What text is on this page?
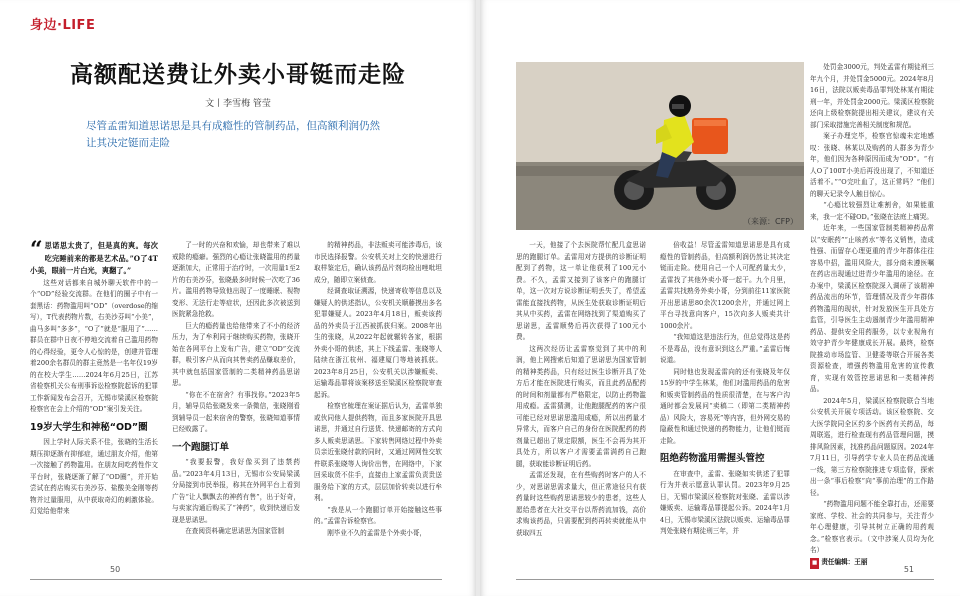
身边·LIFE
高额配送费让外卖小哥铤而走险
文丨李雪梅 管莹
尽管孟雷知道思诺思是具有成瘾性的管制药品，但高额利润仍然让其决定铤而走险

“ 思诺思太贵了，但是真的爽。每次吃完睡前来的都是艺术品。”O了4T小美，眼前一片白光，爽翻了。”

这些对话都来自城外聊天软件中的一个“OD”经验交流群。在他们的圈子中有一套黑话：药物滥用叫“OD”（overdose的缩写），T代表药物片数，右美沙芬叫“小美”，曲马多叫“多多”，“O了”就是“服用了”……群员在群中日夜不停地交流着自己滥用药物的心得经验，更令人心惊的是，创建并管理着200余名群员的群主竟然是一名年仅19岁的在校大学生……2024年6月25日，江苏省检察机关公布刑事诉讼检察院起诉的犯罪工作新闻发布会召开，无锡市梁溪区检察院检察官在会上介绍的“OD”案引发关注。

19岁大学生和神秘“OD”圈

因上学时人际关系不佳，张晓的生活长期压抑逐渐有抑郁症，通过朋友介绍，他第一次接触了药物滥用。在朋友间吃药性作文平台时，张晓逐渐了解了“OD圈”，并开始尝试在药店购买右美沙芬、盐酸美金刚等药物并过量服用，从中获取奇幻的刺激体验。幻觉给他带来

了一时的兴奋和欢愉，却也带来了难以戒除的瘾癖。强烈的心瘾让张晓滥用的药量逐渐加大，正常用于治疗时，一次用量1至2片的右美沙芬，张晓最多时时候一次吃了36片。滥用药物导致他出现了一度睡眠、视物变形、无法行走等症状，还因此多次被送到医院紧急抢救。

巨大的瘾药量也给他带来了不小的经济压力，为了牟利同于继续购买药物，张晓开始在各网平台上发布广告，建立“OD”交流群，吸引客户从而向其售卖药品赚取差价，其中就包括国家管制的二类精神药品思诺思。

“你在不在宿舍？有事找你。”2023年5月，辅导员给张晓发来一条微信，张晓刚看到辅导员一起来宿舍的警察，张晓知道事情已经败露了。

一个跑腿订单

“我要报警，我好像买到了违禁药品。”2023年4月13日，无锡市公安局梁溪分局接到市民举报，称其在外网平台上看到广告“让人飘飘去的神药有售”，出于好奇，与卖家沟通后购买了“神药”，收到快递后发现是思诺思。

在查阅资料确定思诺思为国家管制

的精神药品，非法贩卖可能涉毒后，该市民选择报警。公安机关对上交的快递进行取样鉴定后，确认该药品片剂均检出唑吡坦成分，随即立案侦查。

经调查取证溯源，快递寄收等信息以及嫌疑人的供述指认，公安机关顺藤摸出多名犯罪嫌疑人。2023年4月18日，贩卖该药品的外卖员于江西被抓获归案。2008年出生的张晓，从2022年起就辗转各家，根据外卖小哥的供述，其上下线孟雷、张晓等人陆续在浙江杭州、福建厦门等地被抓获。2023年8月25日，公安机关以涉嫌贩卖、运输毒品罪将该案移送至梁溪区检察院审查起诉。

检察官梳理在案证据后认为，孟雷单独或伙同他人提供药物，而且多家医院开具思诺思，并通过自行送货、快递邮寄的方式向多人贩卖思诺思。下家转售网络过程中外卖员亲近张晓付款的同时，又通过网网性交软件联系张晓等人询价出售，在网络中，下家回采取货不住手，直接由上家孟雷负责贵送服务给下家的方式，层层加价转卖以进行牟利。

“我是从一个跑腿订单开始接触这些事的。”孟雷告诉检察官。

刚毕业不久的孟雷是个外卖小哥，

50
（来源：CFP）

一天，他接了个去医院帮忙配几盒思诺思的跑腿订单。孟雷用对方提供的诊断证明配到了药物，这一单让他获利了100元小费。不久，孟雷又接到了该客户的跑腿订单，这一次对方说诊断证明丢失了，希望孟雷能直接找药物，从医生处获取诊断证明后其从中买药，孟雷在网络找到了渠道购买了思诺思，孟雷顺势后再次获得了100元小费。

这两次经历让孟雷察觉到了其中的利润，他上网搜索后知道了思诺思为国家管制的精神类药品，只有经过医生诊断开具了处方后才能在医院进行购买，而且此药品配药的时间和剂量都有严格限定，以防止药物滥用成瘾。孟雷猜测，让他跑腿配药的客户很可能已经对思诺思滥用成瘾，所以出药量才异常大，而客户自己的身份在医院配药的药剂量已超出了规定限额，医生不会再为其开具处方，所以客户才需要孟雷满药自己跑腿，获取能诊断证明后药。

孟雷还发现，在有些购药时客户的人不少，对思诺思需求量大，但正常途径只有获药量时这些购药思诺思较少的患者，这些人愿给患者在大社交平台以帮药流加钱，高价求购该药品，只需要配到药再转卖就能从中获取四五

倍收益！尽管孟雷知道思诺思是具有成瘾性的管制药品，但高额利润仍然让其决定铤而走险。使用自己一个人可配药量太少，孟雷找了其他外卖小哥一起干。九个月里，孟雷共找熟务外卖小哥，分到前往11家医院开出思诺思80余次1200余片，并通过网上平台寻找意向客户，15次向多人贩卖共计1000余片。

“我知道这是违法行为，但总觉得这是药不是毒品，没有意识到这么严重。”孟雷后悔说道。

同时他也发现孟雷向的还有张晓及年仅15岁的中学生林某，他们对滥用药品的危害和贩卖管制药品的性质很清楚，在与客户沟通时都会发展问“卖稿二（即第二类精神药品）风险大，容易死”等内容，但外网交易的隐蔽性和通过快递的药物能力，让他们铤而走险。

阻绝药物滥用需握头管控

在审查中，孟雷、张晓如实供述了犯罪行为并表示愿意认罪认罚。2023年9月25日，无锡市梁溪区检察院对张晓、孟雷以涉嫌贩卖、运输毒品罪提起公诉。2024年1月4日，无锡市梁溪区法院以贩卖、运输毒品罪判处张晓有期徒刑三年，并

处罚金3000元，判处孟雷有期徒刑三年九个月，并处罚金5000元。2024年8月16日，法院以贩卖毒品罪判处林某有期徒刑一年，并处罚金2000元。梁溪区检察院还向上级检察院提出相关建议，建议有关部门采取措施完善相关制度和规范。

案子办理完毕，检察官惊魂未定地感叹：张晓、林某以及购药的人群多为青少年，他们因为各种原因而成为“OD”。“有人O了100T小美后再没出现了，不知道还活着不。”“O完吐血了，这正常吗？”他们的聊天记录令人触目惊心。

“心瘾比较强烈让难割舍，如果能重来，我一定不碰OD。”张晓在法庭上痛哭。

近年来，一些国家管制类精神药品常以“安眠药”“止咳药水”等名义销售，造成性强、而留存心理更重的青少年群体往往容易中招，滥用风险大，部分商未遵医嘱在药店出现通过进青少年滥用的途径。在办案中，梁溪区检察院深入调研了该精神药品流出的环节，管理情况及青少年群体药物滥用的现状，针对发放医生开具处方监管，引导医生主动遏制青少年滥用精神药品、提供安全用药服务，以专业视角有效守护青少年健康成长开展。最终，检察院推动市场监管、卫健委等联合开展各类资源检查，增强药物滥用危害的宣传教育，实现有效管控思诺思和一类精神药品。

2024年5月，梁溪区检察院联合当地公安机关开展专项活动。该区检察院、交大医学院同全区约多个医药有关药品，每周联巡，进行检查现有药品管理问题，摸排风险因素，找准药品问题原因。2024年7月11日，引导药学专业人员在药品流通一线，第三方检察院推进专项监督，探索出一条“事后检察”向“事前治理”的工作路径。

“药物滥用问题不能全靠打击，还需要家庭、学校、社会的共同参与，关注青少年心理健康，引导其树立正确的用药观念。”检察官表示。（文中涉案人员均为化名）

■ 责任编辑：王丽

51
